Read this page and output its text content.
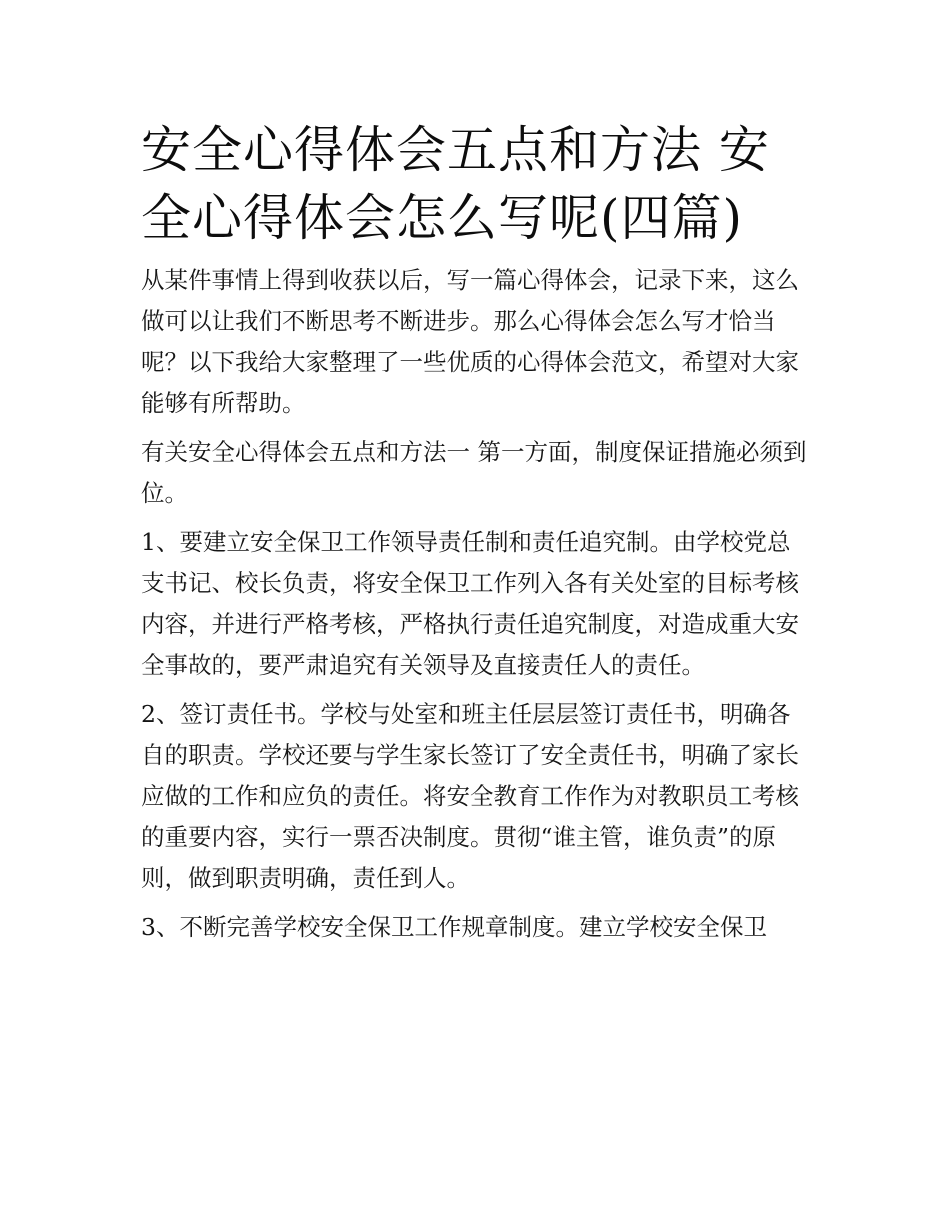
安全心得体会五点和方法 安全心得体会怎么写呢(四篇)

从某件事情上得到收获以后，写一篇心得体会，记录下来，这么做可以让我们不断思考不断进步。那么心得体会怎么写才恰当呢？以下我给大家整理了一些优质的心得体会范文，希望对大家能够有所帮助。

有关安全心得体会五点和方法一 第一方面，制度保证措施必须到位。

1、要建立安全保卫工作领导责任制和责任追究制。由学校党总支书记、校长负责，将安全保卫工作列入各有关处室的目标考核内容，并进行严格考核，严格执行责任追究制度，对造成重大安全事故的，要严肃追究有关领导及直接责任人的责任。

2、签订责任书。学校与处室和班主任层层签订责任书，明确各自的职责。学校还要与学生家长签订了安全责任书，明确了家长应做的工作和应负的责任。将安全教育工作作为对教职员工考核的重要内容，实行一票否决制度。贯彻“谁主管，谁负责”的原则，做到职责明确，责任到人。

3、不断完善学校安全保卫工作规章制度。建立学校安全保卫
